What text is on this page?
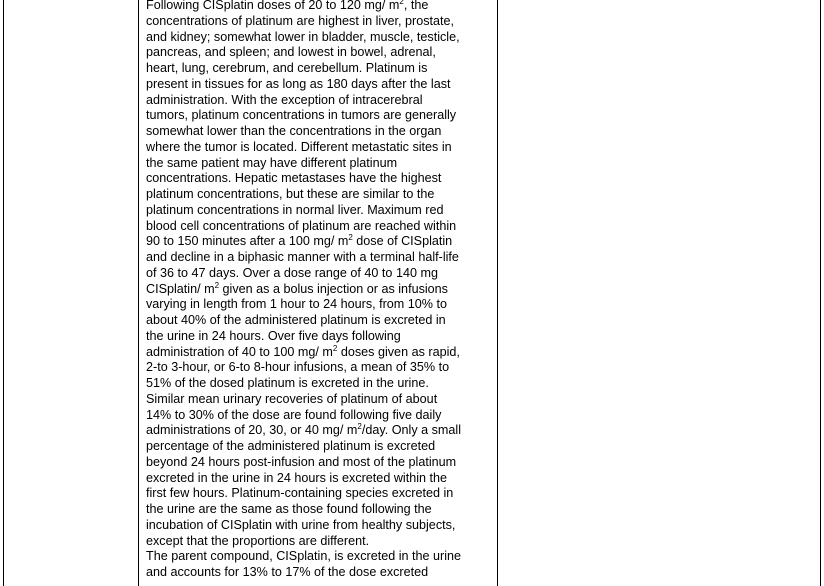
Following CISplatin doses of 20 to 120 mg/ $m^2$, the
concentrations of platinum are highest in liver, prostate,
and kidney; somewhat lower in bladder, muscle, testicle,
pancreas, and spleen; and lowest in bowel, adrenal,
heart, lung, cerebrum, and cerebellum. Platinum is
present in tissues for as long as 180 days after the last
administration. With the exception of intracerebral
tumors, platinum concentrations in tumors are generally
somewhat lower than the concentrations in the organ
where the tumor is located. Different metastatic sites in
the same patient may have different platinum
concentrations. Hepatic metastases have the highest
platinum concentrations, but these are similar to the
platinum concentrations in normal liver. Maximum red
blood cell concentrations of platinum are reached within
90 to 150 minutes after a 100 mg/ $m^2$ dose of CISplatin
and decline in a biphasic manner with a terminal half-life
of 36 to 47 days. Over a dose range of 40 to 140 mg
CISplatin/ $m^2$ given as a bolus injection or as infusions
varying in length from 1 hour to 24 hours, from 10% to
about 40% of the administered platinum is excreted in
the urine in 24 hours. Over five days following
administration of 40 to 100 mg/ $m^2$ doses given as rapid,
2-to 3-hour, or 6-to 8-hour infusions, a mean of 35% to
51% of the dosed platinum is excreted in the urine.
Similar mean urinary recoveries of platinum of about
14% to 30% of the dose are found following five daily
administrations of 20, 30, or 40 mg/ $m^2$/day. Only a small
percentage of the administered platinum is excreted
beyond 24 hours post-infusion and most of the platinum
excreted in the urine in 24 hours is excreted within the
first few hours. Platinum-containing species excreted in
the urine are the same as those found following the
incubation of CISplatin with urine from healthy subjects,
except that the proportions are different.
The parent compound, CISplatin, is excreted in the urine
and accounts for 13% to 17% of the dose excreted
